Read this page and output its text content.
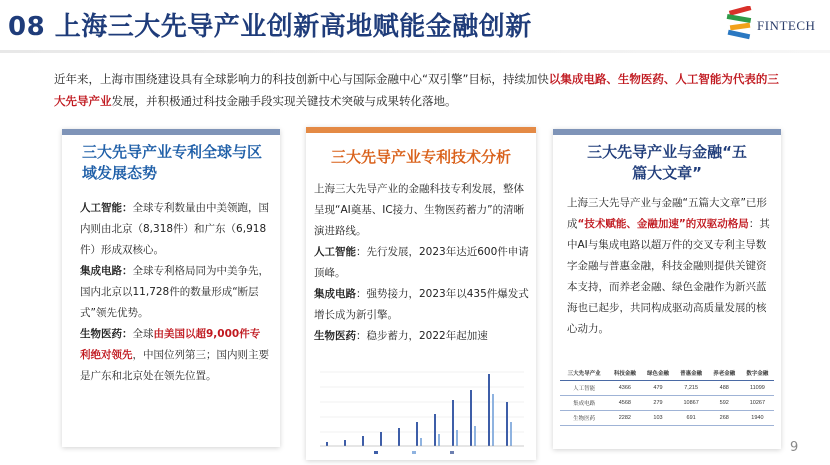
08 上海三大先导产业创新高地赋能金融创新	FINTECH
近年来，上海市围绕建设具有全球影响力的科技创新中心与国际金融中心“双引擎”目标，持续加快以集成电路、生物医药、人工智能为代表的三大先导产业发展，并积极通过科技金融手段实现关键技术突破与成果转化落地。
三大先导产业专利全球与区域发展态势
人工智能：全球专利数量由中美领跑，国内则由北京（8,318件）和广东（6,918件）形成双核心。
集成电路：全球专利格局同为中美争先，国内北京以11,728件的数量形成“断层式”领先优势。
生物医药：全球由美国以超9,000件专利绝对领先，中国位列第三；国内则主要是广东和北京处在领先位置。
三大先导产业专利技术分析
上海三大先导产业的金融科技专利发展，整体呈现“AI奠基、IC接力、生物医药蓄力”的清晰演进路线。
人工智能：先行发展，2023年达近600件申请顶峰。
集成电路：强势接力，2023年以435件爆发式增长成为新引擎。
生物医药：稳步蓄力，2022年起加速
三大先导产业与金融“五篇大文章”
上海三大先导产业与金融“五篇大文章”已形成“技术赋能、金融加速”的双驱动格局：其中AI与集成电路以超万件的交叉专利主导数字金融与普惠金融，科技金融则提供关键资本支持，而养老金融、绿色金融作为新兴蓝海也已起步，共同构成驱动高质量发展的核心动力。
三大先导产业	科技金融	绿色金融	普惠金融	养老金融	数字金融
人工智能	4366	479	7,215	488	11099
集成电路	4568	279	10867	592	10267
生物医药	2282	103	691	268	1940
9
